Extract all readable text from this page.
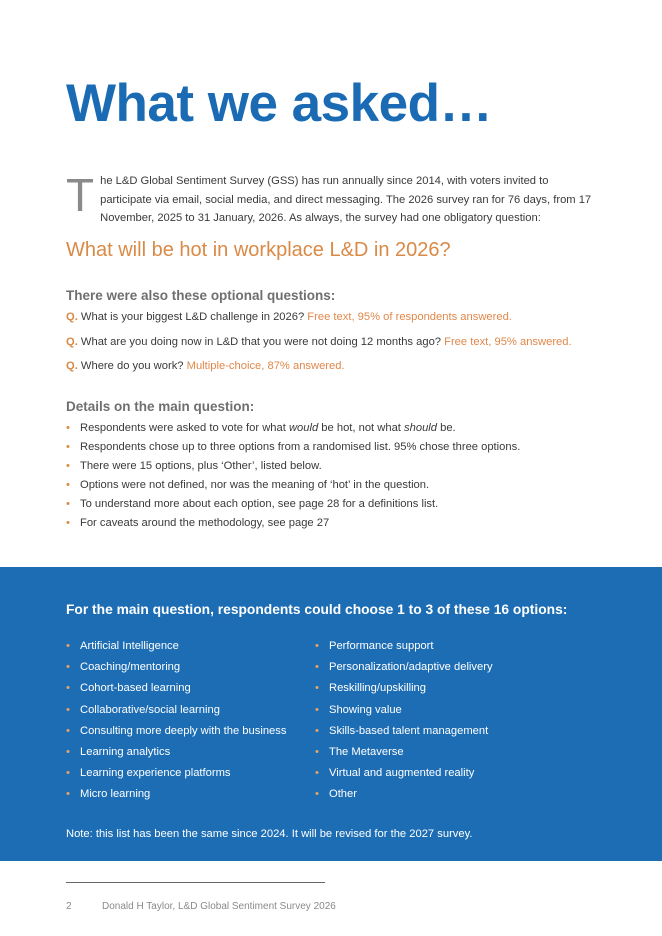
What we asked…
T he L&D Global Sentiment Survey (GSS) has run annually since 2014, with voters invited to participate via email, social media, and direct messaging. The 2026 survey ran for 76 days, from 17 November, 2025 to 31 January, 2026. As always, the survey had one obligatory question:

What will be hot in workplace L&D in 2026?
There were also these optional questions:
Q. What is your biggest L&D challenge in 2026? Free text, 95% of respondents answered.
Q. What are you doing now in L&D that you were not doing 12 months ago? Free text, 95% answered.
Q. Where do you work? Multiple-choice, 87% answered.
Details on the main question:
• Respondents were asked to vote for what would be hot, not what should be.
• Respondents chose up to three options from a randomised list. 95% chose three options.
• There were 15 options, plus ‘Other’, listed below.
• Options were not defined, nor was the meaning of ‘hot’ in the question.
• To understand more about each option, see page 28 for a definitions list.
• For caveats around the methodology, see page 27
For the main question, respondents could choose 1 to 3 of these 16 options:
• Artificial Intelligence
• Coaching/mentoring
• Cohort-based learning
• Collaborative/social learning
• Consulting more deeply with the business
• Learning analytics
• Learning experience platforms
• Micro learning
• Performance support
• Personalization/adaptive delivery
• Reskilling/upskilling
• Showing value
• Skills-based talent management
• The Metaverse
• Virtual and augmented reality
• Other

Note: this list has been the same since 2024. It will be revised for the 2027 survey.

2	Donald H Taylor, L&D Global Sentiment Survey 2026
